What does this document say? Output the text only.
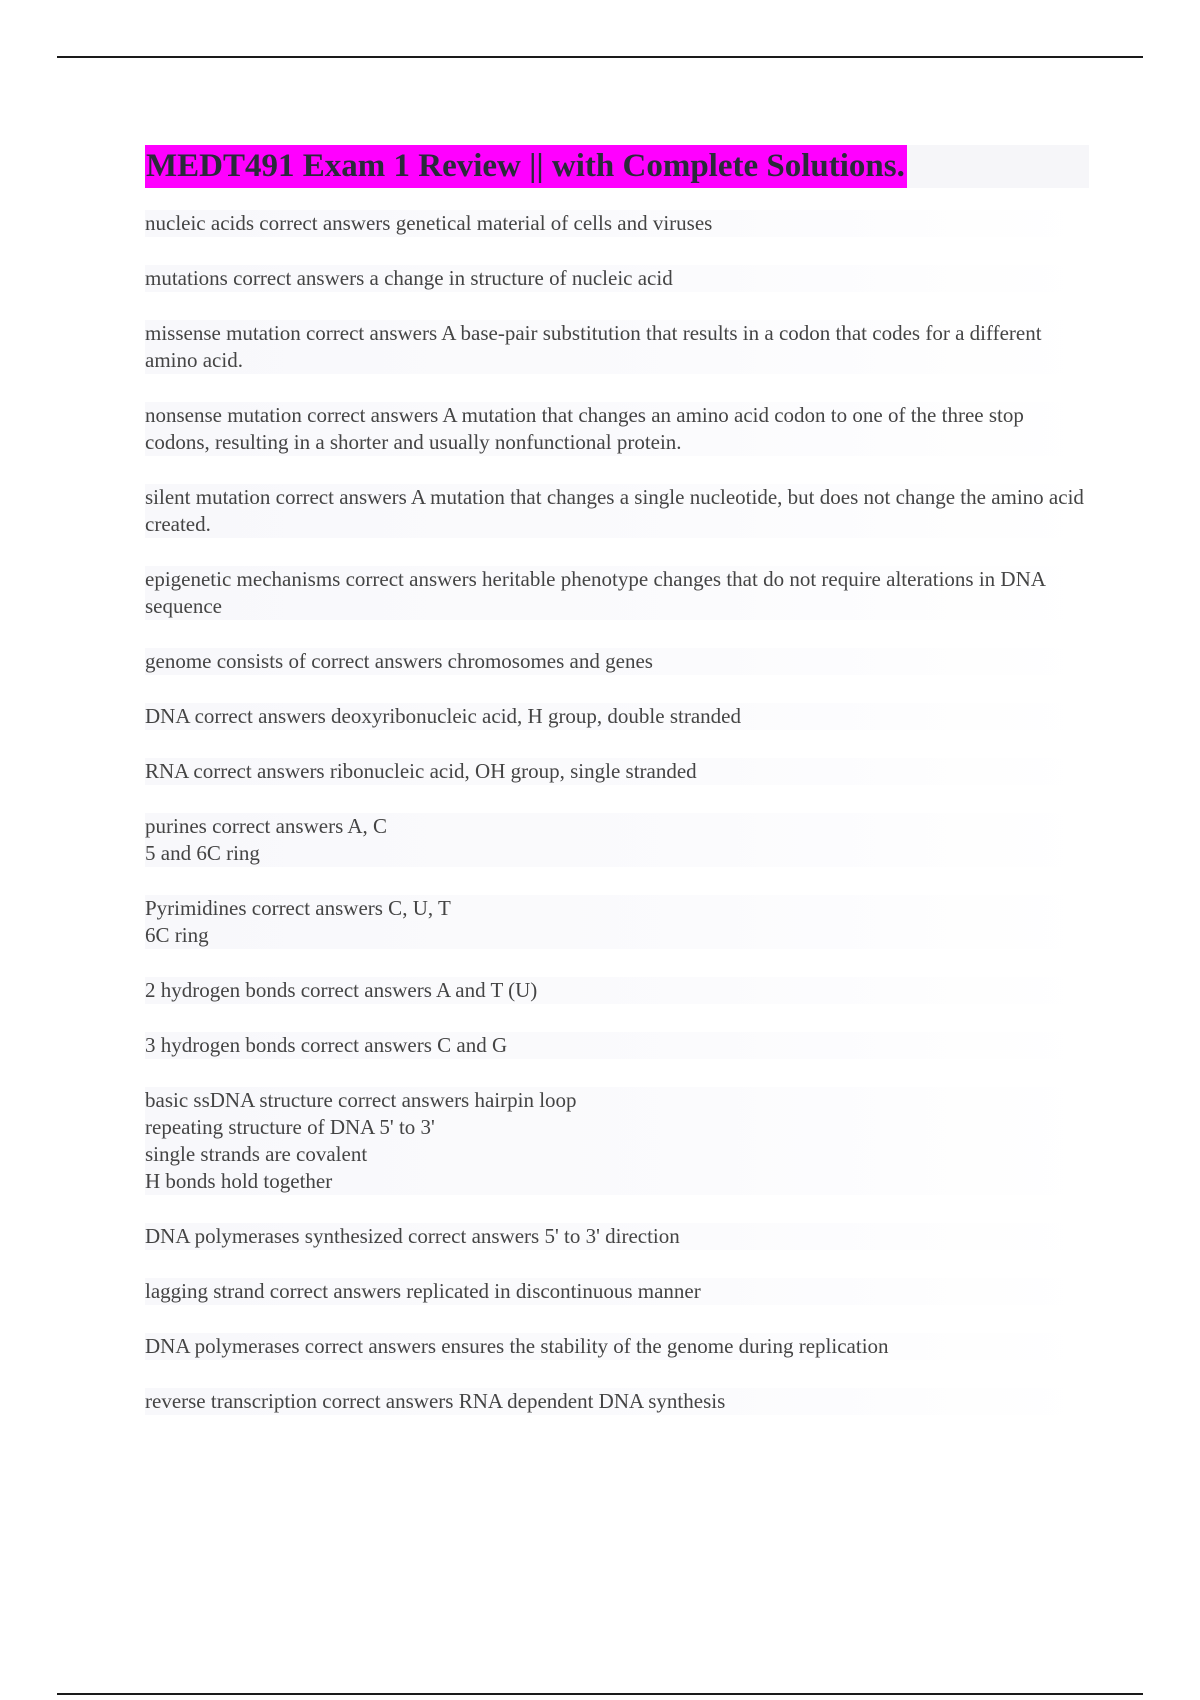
MEDT491 Exam 1 Review || with Complete Solutions.
nucleic acids correct answers genetical material of cells and viruses
mutations correct answers a change in structure of nucleic acid
missense mutation correct answers A base-pair substitution that results in a codon that codes for a different amino acid.
nonsense mutation correct answers A mutation that changes an amino acid codon to one of the three stop codons, resulting in a shorter and usually nonfunctional protein.
silent mutation correct answers A mutation that changes a single nucleotide, but does not change the amino acid created.
epigenetic mechanisms correct answers heritable phenotype changes that do not require alterations in DNA sequence
genome consists of correct answers chromosomes and genes
DNA correct answers deoxyribonucleic acid, H group, double stranded
RNA correct answers ribonucleic acid, OH group, single stranded
purines correct answers A, C
5 and 6C ring
Pyrimidines correct answers C, U, T
6C ring
2 hydrogen bonds correct answers A and T (U)
3 hydrogen bonds correct answers C and G
basic ssDNA structure correct answers hairpin loop
repeating structure of DNA 5' to 3'
single strands are covalent
H bonds hold together
DNA polymerases synthesized correct answers 5' to 3' direction
lagging strand correct answers replicated in discontinuous manner
DNA polymerases correct answers ensures the stability of the genome during replication
reverse transcription correct answers RNA dependent DNA synthesis
